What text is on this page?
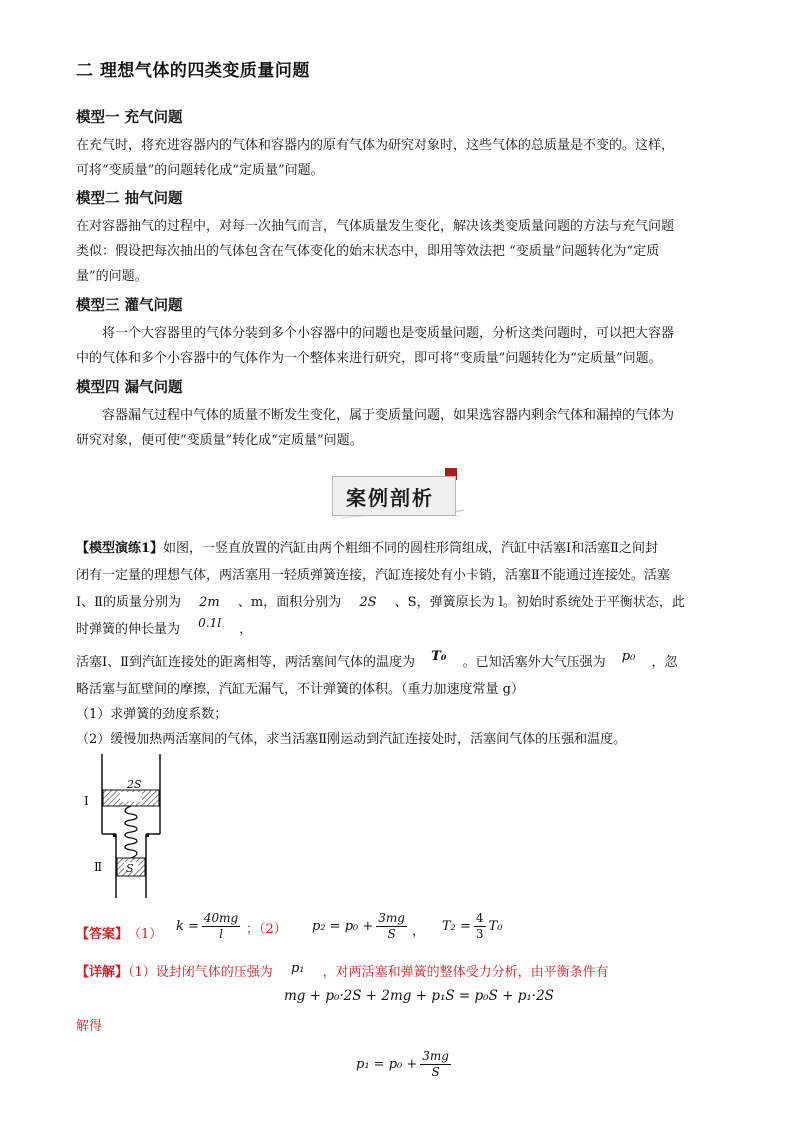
二 理想气体的四类变质量问题
模型一 充气问题
在充气时，将充进容器内的气体和容器内的原有气体为研究对象时，这些气体的总质量是不变的。这样，
可将“变质量”的问题转化成“定质量”问题。
模型二 抽气问题
在对容器抽气的过程中，对每一次抽气而言，气体质量发生变化，解决该类变质量问题的方法与充气问题
类似：假设把每次抽出的气体包含在气体变化的始末状态中，即用等效法把 “变质量”问题转化为“定质
量”的问题。
模型三 灌气问题
将一个大容器里的气体分装到多个小容器中的问题也是变质量问题，分析这类问题时，可以把大容器
中的气体和多个小容器中的气体作为一个整体来进行研究，即可将“变质量”问题转化为“定质量”问题。
模型四 漏气问题
容器漏气过程中气体的质量不断发生变化，属于变质量问题，如果选容器内剩余气体和漏掉的气体为
研究对象，便可使“变质量”转化成“定质量”问题。
案例剖析
【模型演练1】如图，一竖直放置的汽缸由两个粗细不同的圆柱形筒组成，汽缸中活塞Ⅰ和活塞Ⅱ之间封
闭有一定量的理想气体，两活塞用一轻质弹簧连接，汽缸连接处有小卡销，活塞Ⅱ不能通过连接处。活塞
Ⅰ、Ⅱ的质量分别为 2m 、m，面积分别为 2S 、S，弹簧原长为 l。初始时系统处于平衡状态，此
时弹簧的伸长量为 0.1l ，
活塞Ⅰ、Ⅱ到汽缸连接处的距离相等，两活塞间气体的温度为 T₀ 。已知活塞外大气压强为 p₀ ，忽
略活塞与缸壁间的摩擦，汽缸无漏气，不计弹簧的体积。（重力加速度常量 g）
（1）求弹簧的劲度系数；
（2）缓慢加热两活塞间的气体，求当活塞Ⅱ刚运动到汽缸连接处时，活塞间气体的压强和温度。
2S
Ⅰ
S
Ⅱ
【答案】 （1）
$k = \frac{40mg}{l}$ ；（2） $p_2 = p_0 + \frac{3mg}{S}$ ， $T_2 = \frac{4}{3} T_0$
【详解】（1）设封闭气体的压强为 p₁ ，对两活塞和弹簧的整体受力分析，由平衡条件有
mg + p₀·2S + 2mg + p₁S = p₀S + p₁·2S
解得
$p_1 = p_0 + \frac{3mg}{S}$
